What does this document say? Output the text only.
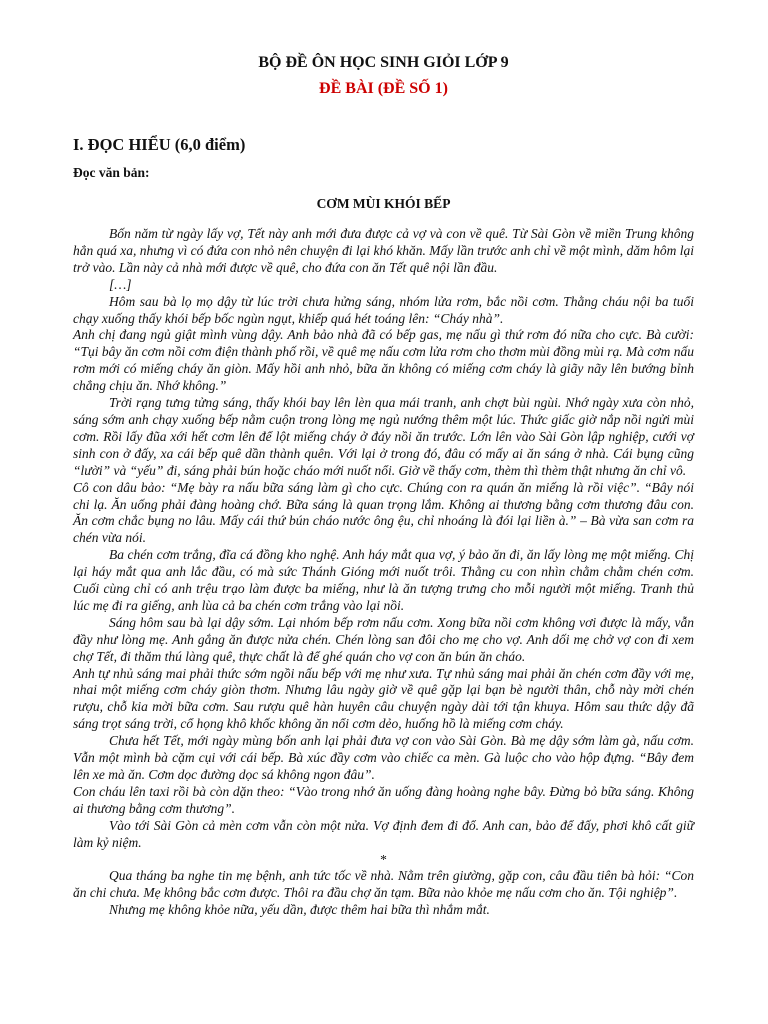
BỘ ĐỀ ÔN HỌC SINH GIỎI LỚP 9
ĐỀ BÀI (ĐỀ SỐ 1)
I. ĐỌC HIỂU (6,0 điểm)
Đọc văn bản:
CƠM MÙI KHÓI BẾP

Bốn năm từ ngày lấy vợ, Tết này anh mới đưa được cả vợ và con về quê. Từ Sài Gòn về miền Trung không hẳn quá xa, nhưng vì có đứa con nhỏ nên chuyện đi lại khó khăn. Mấy lần trước anh chỉ về một mình, dăm hôm lại trở vào. Lần này cả nhà mới được về quê, cho đứa con ăn Tết quê nội lần đầu.

[…]

Hôm sau bà lọ mọ dậy từ lúc trời chưa hửng sáng, nhóm lửa rơm, bắc nồi cơm. Thằng cháu nội ba tuổi chạy xuống thấy khói bếp bốc ngùn ngụt, khiếp quá hét toáng lên: “Cháy nhà”.

Anh chị đang ngủ giật mình vùng dậy. Anh bảo nhà đã có bếp gas, mẹ nấu gì thứ rơm đó nữa cho cực. Bà cười: “Tụi bây ăn cơm nồi cơm điện thành phố rồi, về quê mẹ nấu cơm lửa rơm cho thơm mùi đồng mùi rạ. Mà cơm nấu rơm mới có miếng cháy ăn giòn. Mấy hồi anh nhỏ, bữa ăn không có miếng cơm cháy là giãy nãy lên bướng bỉnh chẳng chịu ăn. Nhớ không.”

Trời rạng tưng tửng sáng, thấy khói bay lên lèn qua mái tranh, anh chợt bùi ngùi. Nhớ ngày xưa còn nhỏ, sáng sớm anh chạy xuống bếp nằm cuộn trong lòng mẹ ngủ nướng thêm một lúc. Thức giấc giờ nắp nồi ngửi mùi cơm. Rồi lấy đũa xới hết cơm lên để lột miếng cháy ở đáy nồi ăn trước. Lớn lên vào Sài Gòn lập nghiệp, cưới vợ sinh con ở đấy, xa cái bếp quê dần thành quên. Với lại ở trong đó, đâu có mấy ai ăn sáng ở nhà. Cái bụng cũng “lười” và “yếu” đi, sáng phải bún hoặc cháo mới nuốt nổi. Giờ về thấy cơm, thèm thì thèm thật nhưng ăn chỉ vô.

Cô con dâu bảo: “Mẹ bày ra nấu bữa sáng làm gì cho cực. Chúng con ra quán ăn miếng là rồi việc”. “Bây nói chi lạ. Ăn uống phải đàng hoàng chớ. Bữa sáng là quan trọng lắm. Không ai thương bằng cơm thương đâu con. Ăn cơm chắc bụng no lâu. Mấy cái thứ bún cháo nước ông ệu, chỉ nhoáng là đói lại liền à.” – Bà vừa san cơm ra chén vừa nói.

Ba chén cơm trắng, đĩa cá đồng kho nghệ. Anh háy mắt qua vợ, ý bảo ăn đi, ăn lấy lòng mẹ một miếng. Chị lại háy mắt qua anh lắc đầu, có mà sức Thánh Gióng mới nuốt trôi. Thằng cu con nhìn chằm chằm chén cơm. Cuối cùng chỉ có anh trệu trạo làm được ba miếng, như là ăn tượng trưng cho mỗi người một miếng. Tranh thủ lúc mẹ đi ra giếng, anh lùa cả ba chén cơm trắng vào lại nồi.

Sáng hôm sau bà lại dậy sớm. Lại nhóm bếp rơm nấu cơm. Xong bữa nồi cơm không vơi được là mấy, vẫn đầy như lòng mẹ. Anh gắng ăn được nửa chén. Chén lòng san đôi cho mẹ cho vợ. Anh dối mẹ chở vợ con đi xem chợ Tết, đi thăm thú làng quê, thực chất là để ghé quán cho vợ con ăn bún ăn cháo.

Anh tự nhủ sáng mai phải thức sớm ngồi nấu bếp với mẹ như xưa. Tự nhủ sáng mai phải ăn chén cơm đầy với mẹ, nhai một miếng cơm cháy giòn thơm. Nhưng lâu ngày giờ về quê gặp lại bạn bè người thân, chỗ này mời chén rượu, chỗ kia mời bữa cơm. Sau rượu quê hàn huyên câu chuyện ngày dài tới tận khuya. Hôm sau thức dậy đã sáng trọt sáng trời, cổ họng khô khốc không ăn nổi cơm dẻo, huống hồ là miếng cơm cháy.

Chưa hết Tết, mới ngày mùng bốn anh lại phải đưa vợ con vào Sài Gòn. Bà mẹ dậy sớm làm gà, nấu cơm. Vẫn một mình bà cặm cụi với cái bếp. Bà xúc đầy cơm vào chiếc ca mèn. Gà luộc cho vào hộp đựng. “Bây đem lên xe mà ăn. Cơm dọc đường dọc sá không ngon đâu”.

Con cháu lên taxi rồi bà còn dặn theo: “Vào trong nhớ ăn uống đàng hoàng nghe bây. Đừng bỏ bữa sáng. Không ai thương bằng cơm thương”.

Vào tới Sài Gòn cả mèn cơm vẫn còn một nửa. Vợ định đem đi đổ. Anh can, bảo để đấy, phơi khô cất giữ làm kỷ niệm.

*

Qua tháng ba nghe tin mẹ bệnh, anh tức tốc về nhà. Nằm trên giường, gặp con, câu đầu tiên bà hỏi: “Con ăn chi chưa. Mẹ không bắc cơm được. Thôi ra đầu chợ ăn tạm. Bữa nào khỏe mẹ nấu cơm cho ăn. Tội nghiệp”.

Nhưng mẹ không khỏe nữa, yếu dần, được thêm hai bữa thì nhắm mắt.
